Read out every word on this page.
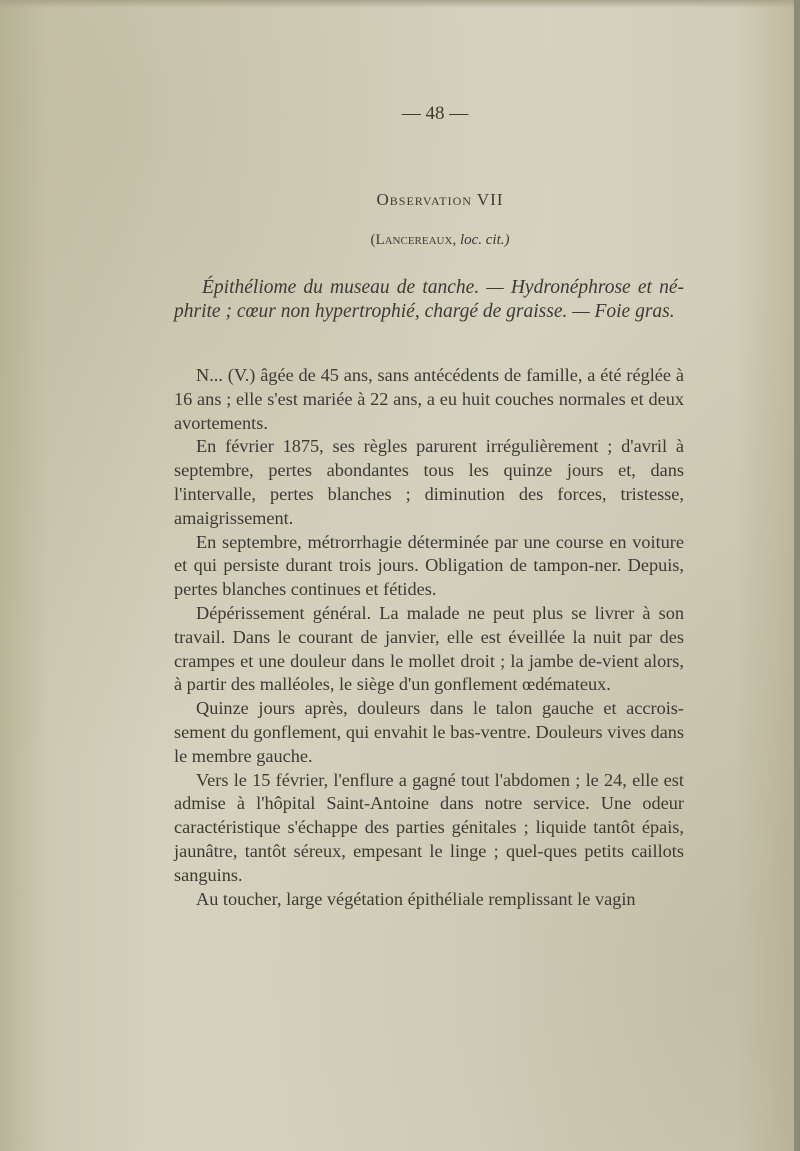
— 48 —
Observation VII
(Lancereaux, loc. cit.)
Épithéliome du museau de tanche. — Hydronéphrose et né-phrite ; cœur non hypertrophié, chargé de graisse. — Foie gras.

N... (V.) âgée de 45 ans, sans antécédents de famille, a été réglée à 16 ans ; elle s'est mariée à 22 ans, a eu huit couches normales et deux avortements.

En février 1875, ses règles parurent irrégulièrement ; d'avril à septembre, pertes abondantes tous les quinze jours et, dans l'intervalle, pertes blanches ; diminution des forces, tristesse, amaigrissement.

En septembre, métrorrhagie déterminée par une course en voiture et qui persiste durant trois jours. Obligation de tampon-ner. Depuis, pertes blanches continues et fétides.

Dépérissement général. La malade ne peut plus se livrer à son travail. Dans le courant de janvier, elle est éveillée la nuit par des crampes et une douleur dans le mollet droit ; la jambe de-vient alors, à partir des malléoles, le siège d'un gonflement œdémateux.

Quinze jours après, douleurs dans le talon gauche et accrois-sement du gonflement, qui envahit le bas-ventre. Douleurs vives dans le membre gauche.

Vers le 15 février, l'enflure a gagné tout l'abdomen ; le 24, elle est admise à l'hôpital Saint-Antoine dans notre service. Une odeur caractéristique s'échappe des parties génitales ; liquide tantôt épais, jaunâtre, tantôt séreux, empesant le linge ; quel-ques petits caillots sanguins.

Au toucher, large végétation épithéliale remplissant le vagin
